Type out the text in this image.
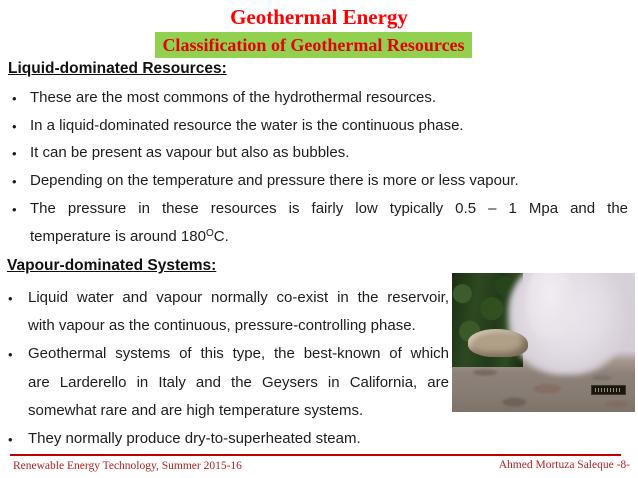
Geothermal Energy
Classification of Geothermal Resources
Liquid-dominated Resources:
• These are the most commons of the hydrothermal resources.
• In a liquid-dominated resource the water is the continuous phase.
• It can be present as vapour but also as bubbles.
• Depending on the temperature and pressure there is more or less vapour.
• The pressure in these resources is fairly low typically 0.5 – 1 Mpa and the
temperature is around $180^OC$.
Vapour-dominated Systems:
• Liquid water and vapour normally co-exist in the reservoir,
with vapour as the continuous, pressure-controlling phase.
• Geothermal systems of this type, the best-known of which
are Larderello in Italy and the Geysers in California, are
somewhat rare and are high temperature systems.
• They normally produce dry-to-superheated steam.
Renewable Energy Technology, Summer 2015-16	Ahmed Mortuza Saleque -8-
